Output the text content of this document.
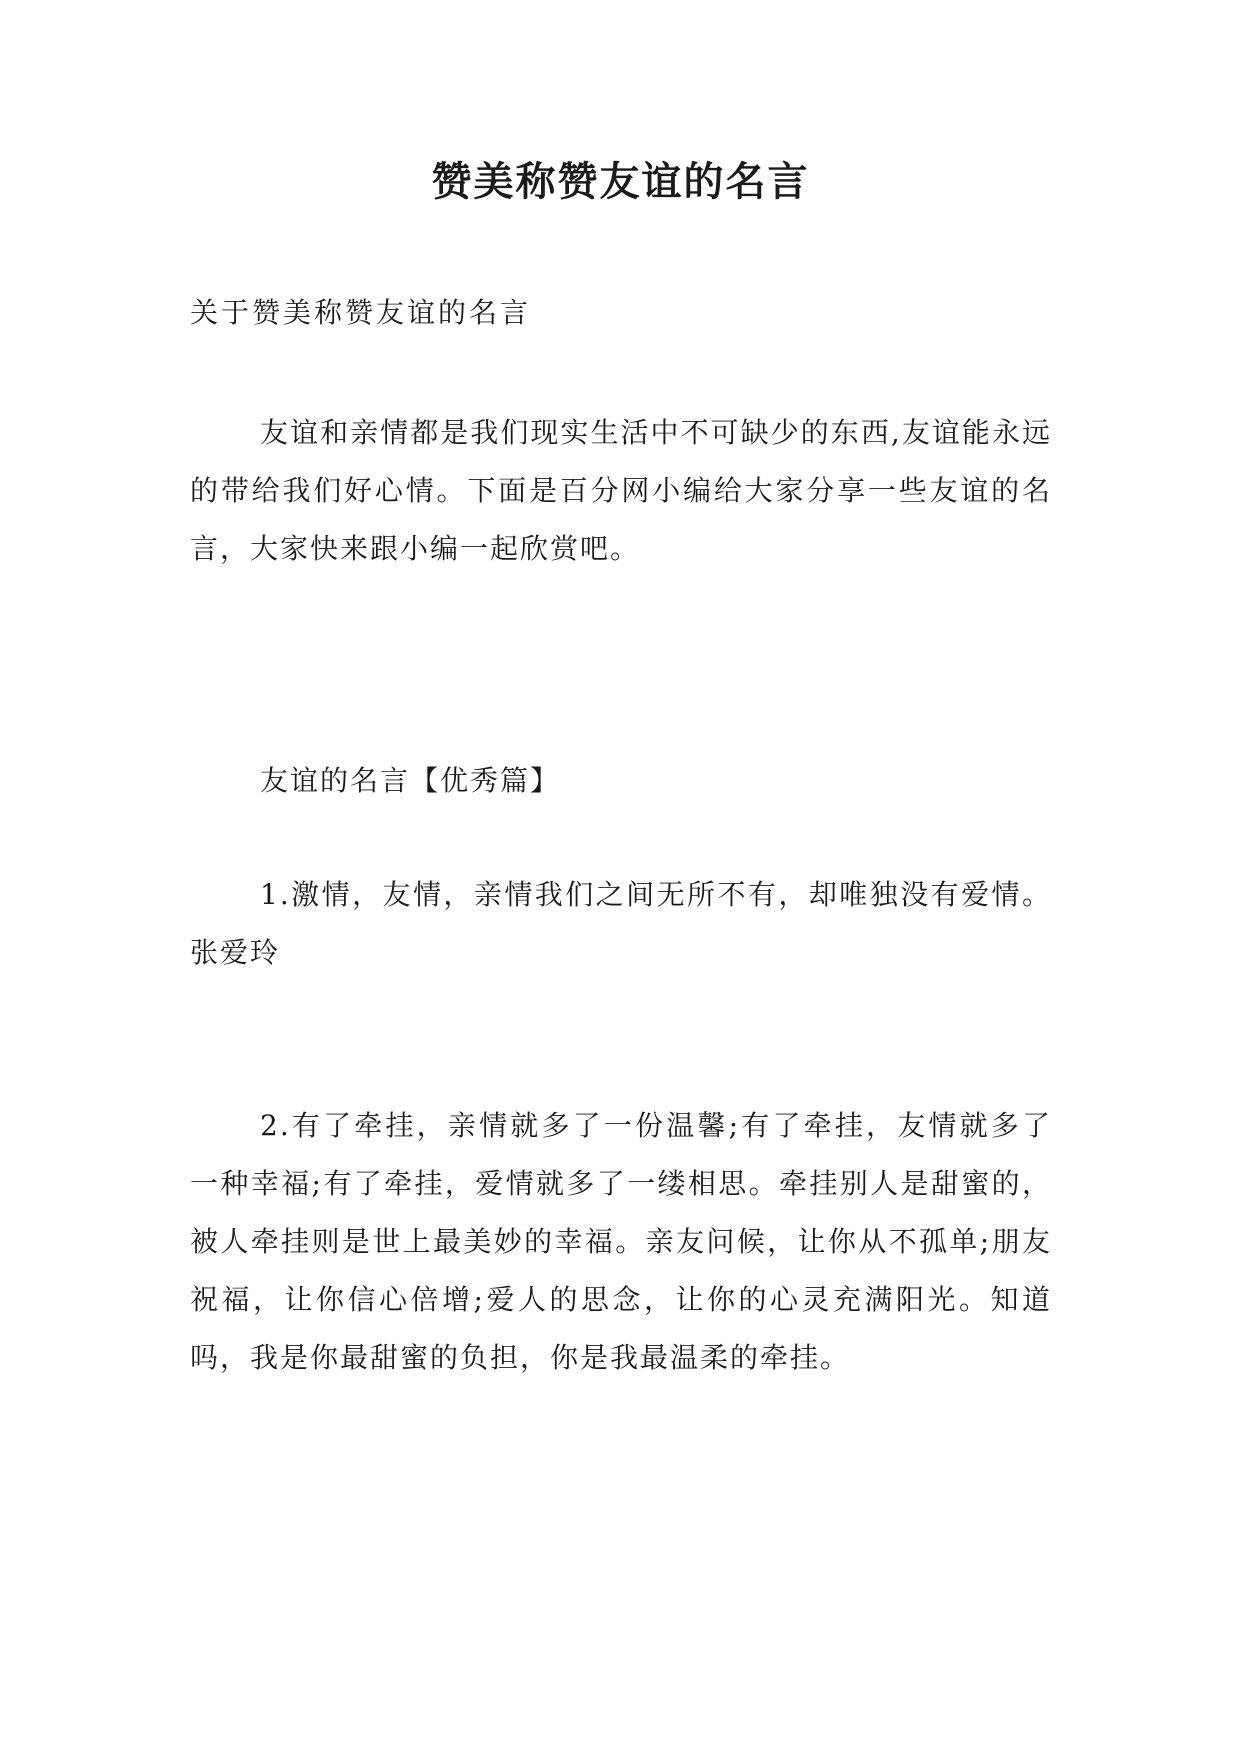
赞美称赞友谊的名言

关于赞美称赞友谊的名言

友谊和亲情都是我们现实生活中不可缺少的东西,友谊能永远的带给我们好心情。下面是百分网小编给大家分享一些友谊的名言，大家快来跟小编一起欣赏吧。

友谊的名言【优秀篇】

1.激情，友情，亲情我们之间无所不有，却唯独没有爱情。 张爱玲

2.有了牵挂，亲情就多了一份温馨;有了牵挂，友情就多了一种幸福;有了牵挂，爱情就多了一缕相思。牵挂别人是甜蜜的，被人牵挂则是世上最美妙的幸福。亲友问候，让你从不孤单;朋友祝福，让你信心倍增;爱人的思念，让你的心灵充满阳光。知道吗，我是你最甜蜜的负担，你是我最温柔的牵挂。
